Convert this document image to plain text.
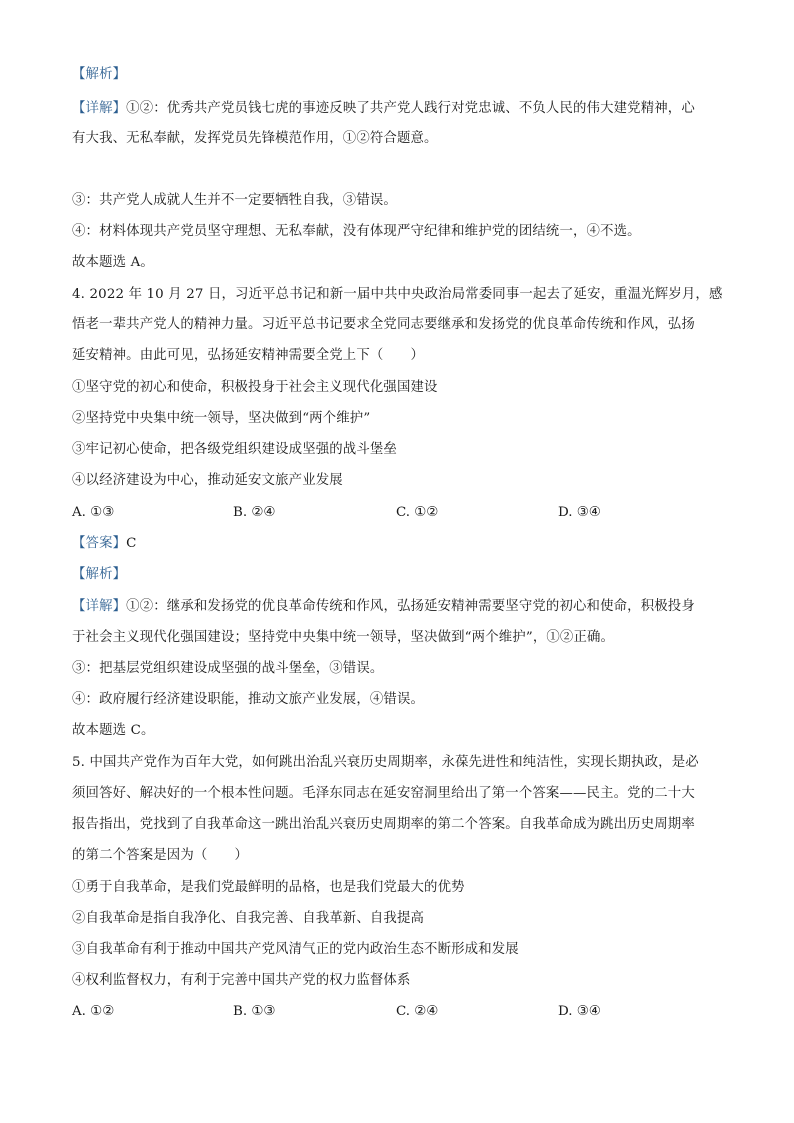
【解析】
【详解】①②：优秀共产党员钱七虎的事迹反映了共产党人践行对党忠诚、不负人民的伟大建党精神，心
有大我、无私奉献，发挥党员先锋模范作用，①②符合题意。
③：共产党人成就人生并不一定要牺牲自我，③错误。
④：材料体现共产党员坚守理想、无私奉献，没有体现严守纪律和维护党的团结统一，④不选。
故本题选 A。
4. 2022 年 10 月 27 日，习近平总书记和新一届中共中央政治局常委同事一起去了延安，重温光辉岁月，感
悟老一辈共产党人的精神力量。习近平总书记要求全党同志要继承和发扬党的优良革命传统和作风，弘扬
延安精神。由此可见，弘扬延安精神需要全党上下（　　）
①坚守党的初心和使命，积极投身于社会主义现代化强国建设
②坚持党中央集中统一领导，坚决做到“两个维护”
③牢记初心使命，把各级党组织建设成坚强的战斗堡垒
④以经济建设为中心，推动延安文旅产业发展
A. ①③	B. ②④	C. ①②	D. ③④
【答案】C
【解析】
【详解】①②：继承和发扬党的优良革命传统和作风，弘扬延安精神需要坚守党的初心和使命，积极投身
于社会主义现代化强国建设；坚持党中央集中统一领导，坚决做到“两个维护”，①②正确。
③：把基层党组织建设成坚强的战斗堡垒，③错误。
④：政府履行经济建设职能，推动文旅产业发展，④错误。
故本题选 C。
5. 中国共产党作为百年大党，如何跳出治乱兴衰历史周期率，永葆先进性和纯洁性，实现长期执政，是必
须回答好、解决好的一个根本性问题。毛泽东同志在延安窑洞里给出了第一个答案——民主。党的二十大
报告指出，党找到了自我革命这一跳出治乱兴衰历史周期率的第二个答案。自我革命成为跳出历史周期率
的第二个答案是因为（　　）
①勇于自我革命，是我们党最鲜明的品格，也是我们党最大的优势
②自我革命是指自我净化、自我完善、自我革新、自我提高
③自我革命有利于推动中国共产党风清气正的党内政治生态不断形成和发展
④权利监督权力，有利于完善中国共产党的权力监督体系
A. ①②	B. ①③	C. ②④	D. ③④
